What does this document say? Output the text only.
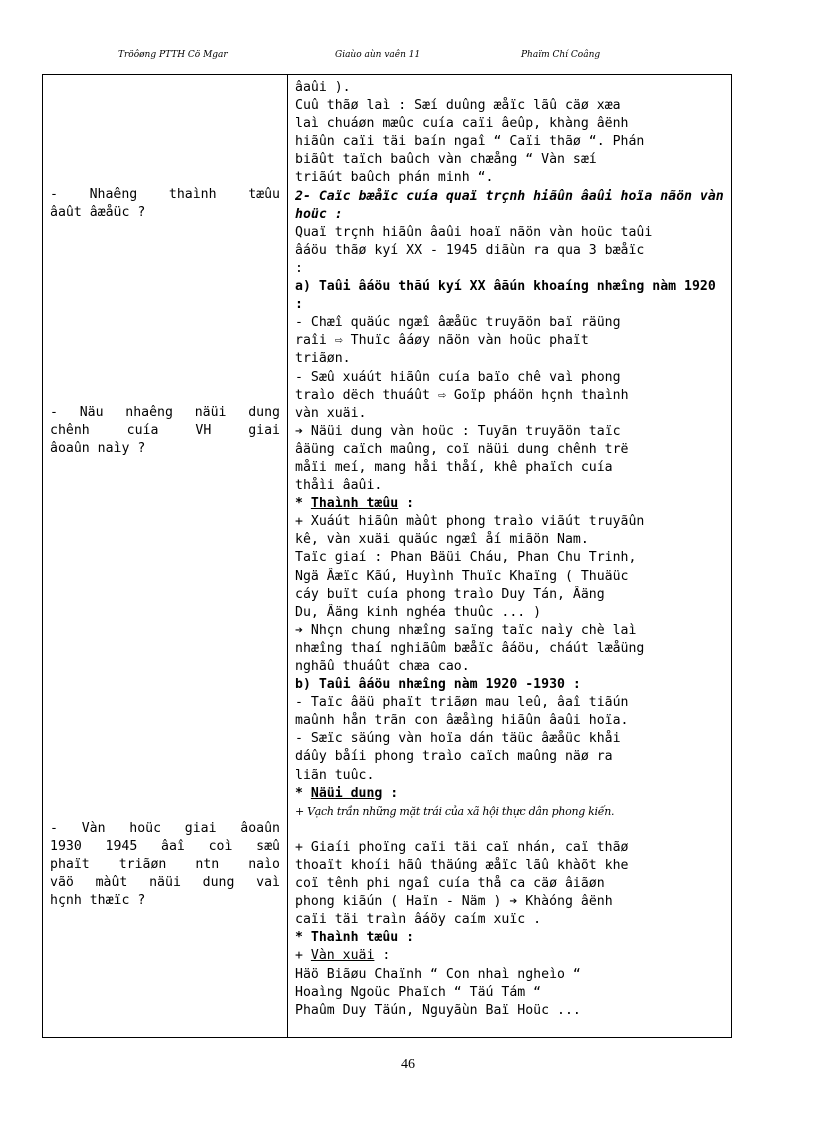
Tröôøng PTTH Cö Mgar	Giaùo aùn vaên 11	Phaïm Chí Coâng
- Nhaêng thaình tæûu
âaût âæåüc ?
- Näu nhaêng näüi dung
chênh cuía VH giai
âoaûn naìy ?
- Vàn hoüc giai âoaûn
1930 1945 âaî coì sæû
phaït triãøn ntn naìo
vãö màût näüi dung vaì
hçnh thæïc ?

âaûi ).

Cuû thãø laì : Sæí duûng æåïc lãû cäø xæa

laì chuáøn mæûc cuía caïi âeûp, khàng âënh

hiãûn caïi täi baín ngaî “ Caïi thãø “. Phán

biãût taïch baûch vàn chæång “ Vàn sæí

triãút baûch phán minh “.

2- Caïc bæåïc cuía quaï trçnh hiãûn âaûi hoïa nãön vàn hoüc :

Quaï trçnh hiãûn âaûi hoaï nãön vàn hoüc taûi

âáöu thãø kyí XX - 1945 diãùn ra qua 3 bæåïc

:

a) Taûi âáöu thãú kyí XX âãún khoaíng nhæîng nàm 1920 :

- Chæî quäúc ngæî âæåüc truyãön baï räüng

raîi ⇨ Thuïc âáøy nãön vàn hoüc phaït

triãøn.

- Sæû xuáút hiãûn cuía baïo chê vaì phong

traìo dëch thuáût ⇨ Goïp pháön hçnh thaình

vàn xuäi.

➔ Näüi dung vàn hoüc : Tuyãn truyãön taïc

âäüng caïch maûng, coï näüi dung chênh trë

måïi meí, mang håi thåí, khê phaïch cuía

thåìi âaûi.

* Thaình tæûu :

+ Xuáút hiãûn màût phong traìo viãút truyãûn

kê, vàn xuäi quäúc ngæî åí miãön Nam.

Taïc giaí : Phan Bäüi Cháu, Phan Chu Trinh,

Ngä Âæïc Kãú, Huyình Thuïc Khaïng ( Thuäüc

cáy buït cuía phong traìo Duy Tán, Âäng

Du, Âäng kinh nghéa thuûc ... )

➔ Nhçn chung nhæîng saïng taïc naìy chè laì

nhæîng thaí nghiãûm bæåïc âáöu, cháút læåüng

nghãû thuáût chæa cao.

b) Taûi âáöu nhæîng nàm 1920 -1930 :

- Taïc âäü phaït triãøn mau leû, âaî tiãún

maûnh hån trãn con âæåìng hiãûn âaûi hoïa.

- Sæïc säúng vàn hoïa dán täüc âæåüc khåi

dáûy båíi phong traìo caïch maûng näø ra

liãn tuûc.

* Näüi dung :

+ Vạch trần những mặt trái của xã hội thực dân phong kiến.

+ Giaíi phoïng caïi täi caï nhán, caï thãø

thoaït khoíi hãû thäúng æåïc lãû khàõt khe

coï tênh phi ngaî cuía thå ca cäø âiãøn

phong kiãún ( Haïn - Näm ) ➔ Khàóng âënh

caïi täi traìn âáöy caím xuïc .

* Thaình tæûu :

+ Vàn xuäi :

Häö Biãøu Chaïnh “ Con nhaì ngheìo “

Hoaìng Ngoüc Phaïch “ Täú Tám “

Phaûm Duy Täún, Nguyãùn Baï Hoüc ...

46
